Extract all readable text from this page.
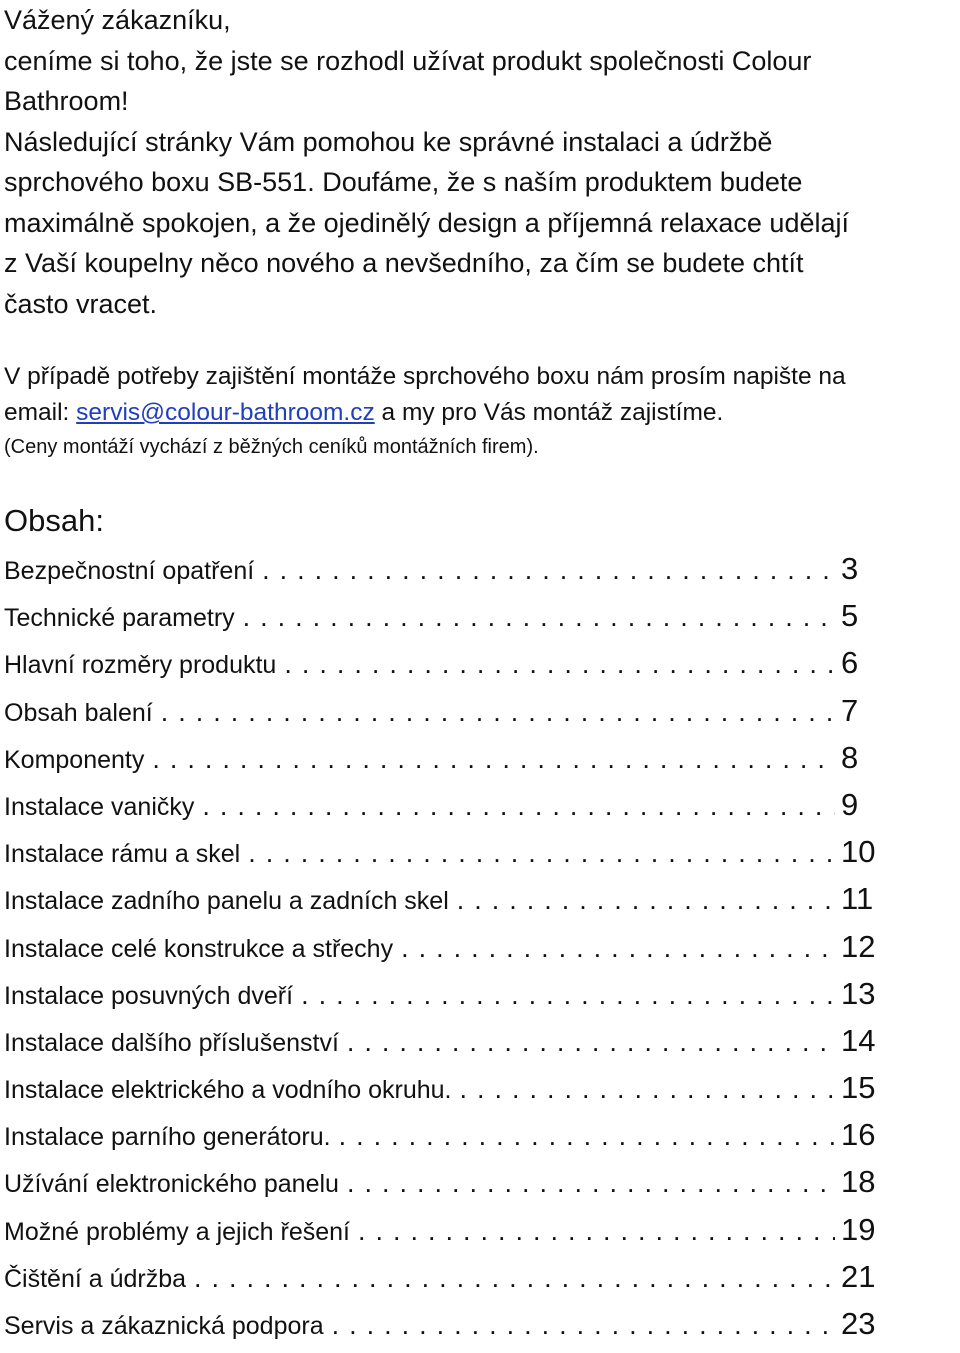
Vážený zákazníku,

ceníme si toho, že jste se rozhodl užívat produkt společnosti Colour

Bathroom!

Následující stránky Vám pomohou ke správné instalaci a údržbě

sprchového boxu SB-551. Doufáme, že s naším produktem budete

maximálně spokojen, a že ojedinělý design a příjemná relaxace udělají

z Vaší koupelny něco nového a nevšedního, za čím se budete chtít

často vracet.

V případě potřeby zajištění montáže sprchového boxu nám prosím napište na
email: servis@colour-bathroom.cz a my pro Vás montáž zajistíme.
(Ceny montáží vychází z běžných ceníků montážních firem).
Obsah:
Bezpečnostní opatření .....	3
Technické parametry .....	5
Hlavní rozměry produktu .....	6
Obsah balení .....	7
Komponenty .....	8
Instalace vaničky .....	9
Instalace rámu a skel .....	10
Instalace zadního panelu a zadních skel .....	11
Instalace celé konstrukce a střechy .....	12
Instalace posuvných dveří .....	13
Instalace dalšího příslušenství .....	14
Instalace elektrického a vodního okruhu. .....	15
Instalace parního generátoru. .....	16
Užívání elektronického panelu .....	18
Možné problémy a jejich řešení .....	19
Čištění a údržba .....	21
Servis a zákaznická podpora .....	23
